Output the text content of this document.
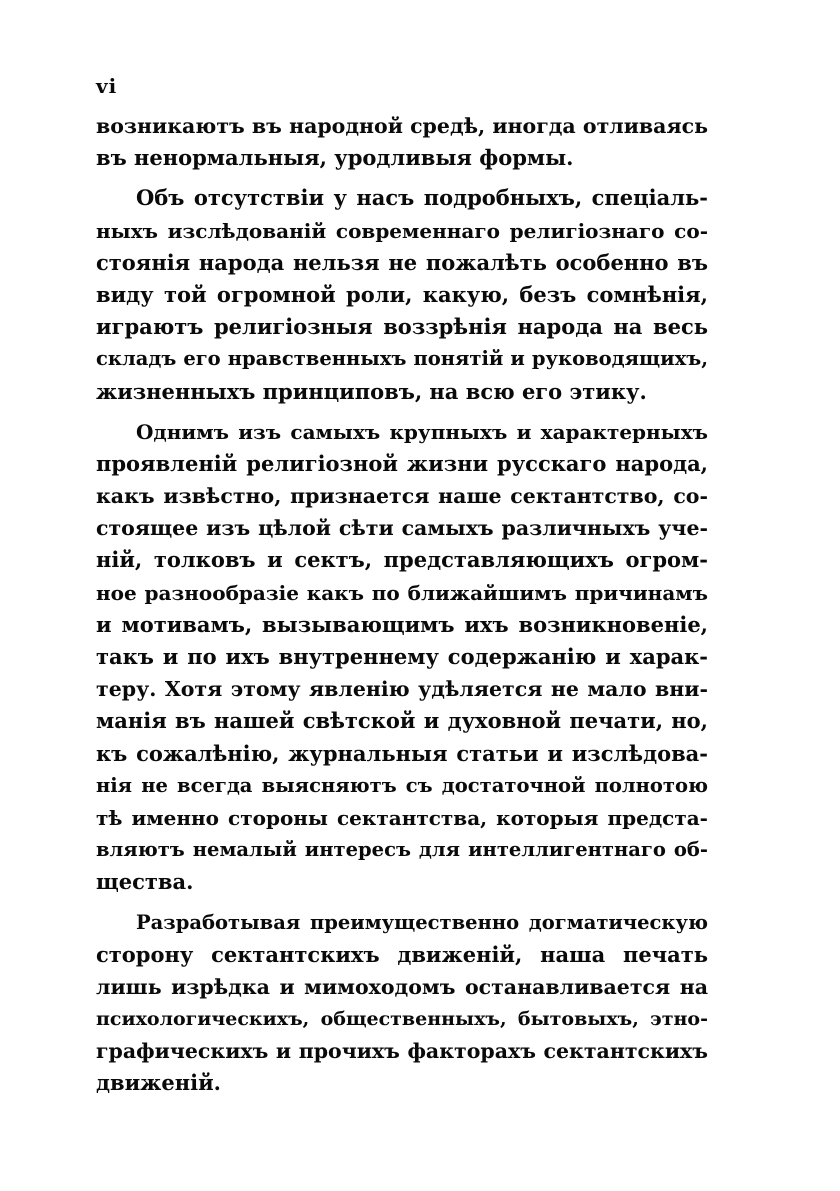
vi
возникаютъ въ народной средѣ, иногда отливаясь
въ ненормальныя, уродливыя формы.
Объ отсутствіи у насъ подробныхъ, спеціаль-
ныхъ изслѣдованій современнаго религіознаго со-
стоянія народа нельзя не пожалѣть особенно въ
виду той огромной роли, какую, безъ сомнѣнія,
играютъ религіозныя воззрѣнія народа на весь
складъ его нравственныхъ понятій и руководящихъ,
жизненныхъ принциповъ, на всю его этику.
Однимъ изъ самыхъ крупныхъ и характерныхъ
проявленій религіозной жизни русскаго народа,
какъ извѣстно, признается наше сектантство, со-
стоящее изъ цѣлой сѣти самыхъ различныхъ уче-
ній, толковъ и сектъ, представляющихъ огром-
ное разнообразіе какъ по ближайшимъ причинамъ
и мотивамъ, вызывающимъ ихъ возникновеніе,
такъ и по ихъ внутреннему содержанію и харак-
теру. Хотя этому явленію удѣляется не мало вни-
манія въ нашей свѣтской и духовной печати, но,
къ сожалѣнію, журнальныя статьи и изслѣдова-
нія не всегда выясняютъ съ достаточной полнотою
тѣ именно стороны сектантства, которыя предста-
вляютъ немалый интересъ для интеллигентнаго об-
щества.
Разработывая преимущественно догматическую
сторону сектантскихъ движеній, наша печать
лишь изрѣдка и мимоходомъ останавливается на
психологическихъ, общественныхъ, бытовыхъ, этно-
графическихъ и прочихъ факторахъ сектантскихъ
движеній.
